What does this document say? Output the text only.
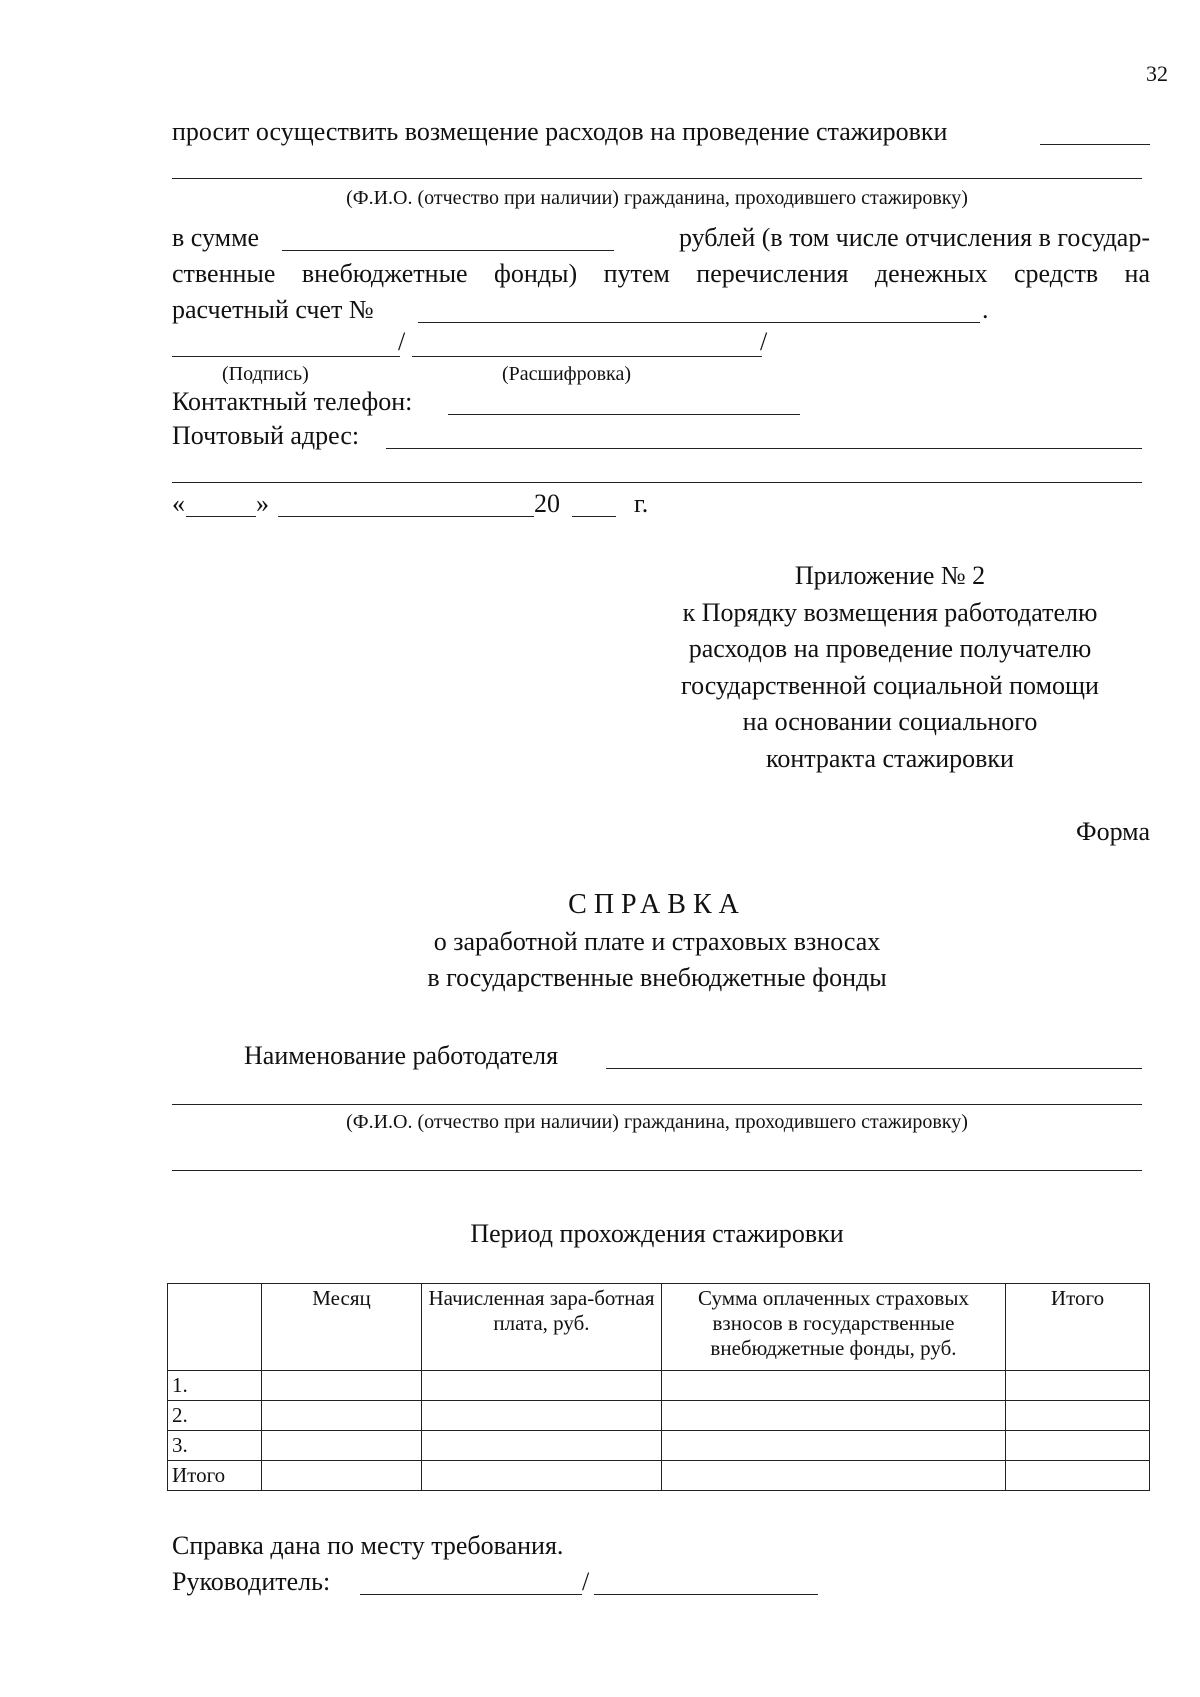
32
просит осуществить возмещение расходов на проведение стажировки
(Ф.И.О. (отчество при наличии) гражданина, проходившего стажировку)
в сумме	рублей (в том числе отчисления в государ-
ственные внебюджетные фонды) путем перечисления денежных средств на
расчетный счет №	.
/	/
(Подпись)	(Расшифровка)
Контактный телефон:
Почтовый адрес:
«	»	20	г.
Приложение № 2
к Порядку возмещения работодателю
расходов на проведение получателю
государственной социальной помощи
на основании социального
контракта стажировки
Форма
СПРАВКА
о заработной плате и страховых взносах
в государственные внебюджетные фонды
Наименование работодателя
(Ф.И.О. (отчество при наличии) гражданина, проходившего стажировку)
Период прохождения стажировки
	Месяц	Начисленная зара-ботная плата, руб.	Сумма оплаченных страховых взносов в государственные внебюджетные фонды, руб.	Итого
1.				
2.				
3.				
Итого				
Справка дана по месту требования.
Руководитель:	/
